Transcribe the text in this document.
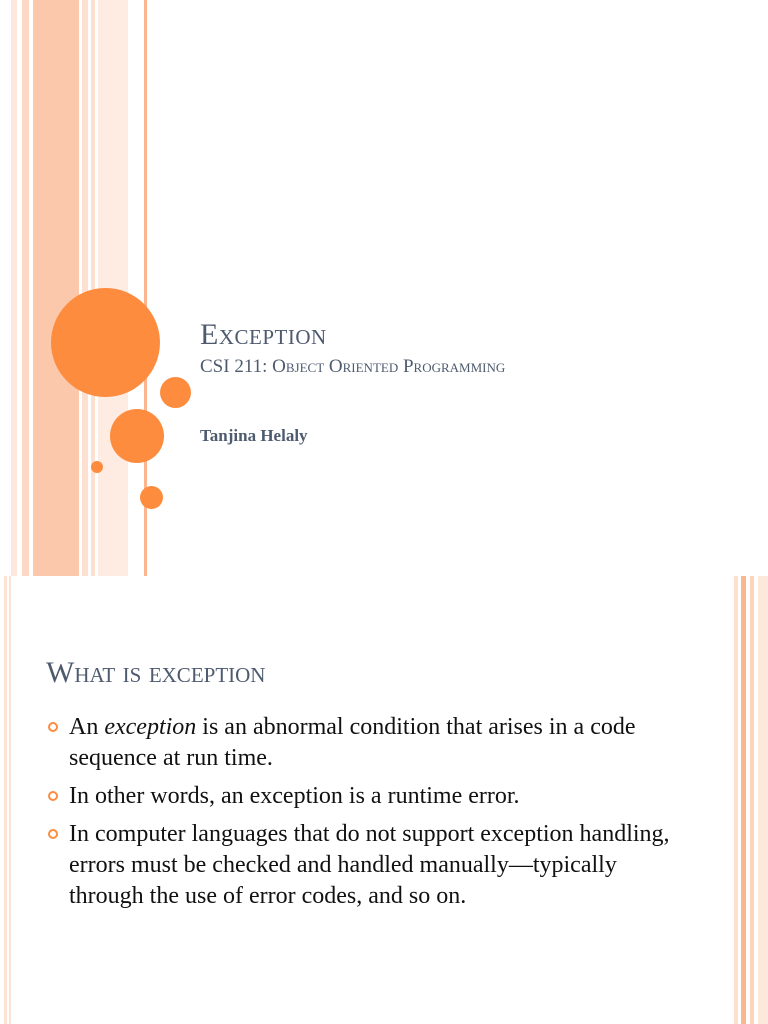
Exception
CSI 211: Object Oriented Programming
Tanjina Helaly
What is exception
An exception is an abnormal condition that arises in a code sequence at run time.
In other words, an exception is a runtime error.
In computer languages that do not support exception handling, errors must be checked and handled manually—typically through the use of error codes, and so on.
